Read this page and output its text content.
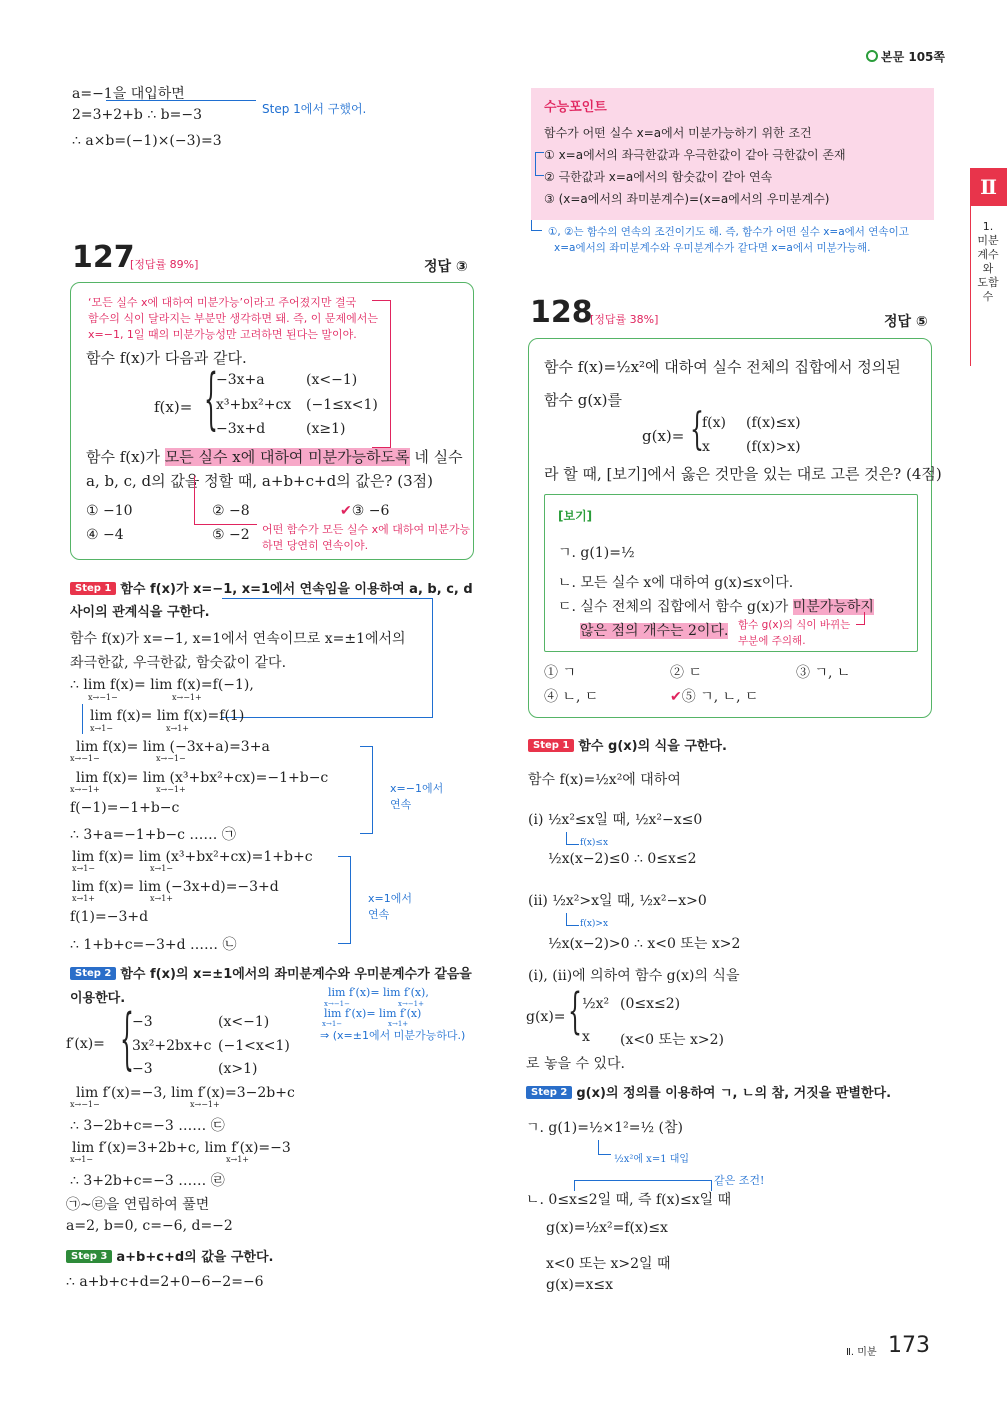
본문 105쪽
Ⅱ
1. 미분계수와 도함수
a=−1을 대입하면
2=3+2+b ∴ b=−3	Step 1에서 구했어.
∴ a×b=(−1)×(−3)=3
127
[정답률 89%]	정답 ③
‘모든 실수 x에 대하여 미분가능’이라고 주어졌지만 결국
함수의 식이 달라지는 부분만 생각하면 돼. 즉, 이 문제에서는
x=−1, 1일 때의 미분가능성만 고려하면 된다는 말이야.
함수 f(x)가 다음과 같다.
f(x)= {
−3x+a	(x<−1)
x³+bx²+cx (−1≤x<1)
−3x+d	(x≥1)
함수 f(x)가 모든 실수 x에 대하여 미분가능하도록 네 실수
a, b, c, d의 값을 정할 때, a+b+c+d의 값은? (3점)
① −10	② −8	✔③ −6
④ −4	⑤ −2 어떤 함수가 모든 실수 x에 대하여 미분가능
하면 당연히 연속이야.
Step 1 함수 f(x)가 x=−1, x=1에서 연속임을 이용하여 a, b, c, d
사이의 관계식을 구한다.
함수 f(x)가 x=−1, x=1에서 연속이므로 x=±1에서의
좌극한값, 우극한값, 함숫값이 같다.
∴ lim f(x)= lim f(x)=f(−1),
x→−1−	x→−1+
lim f(x)= lim f(x)=f(1)
x→1−	x→1+
lim f(x)= lim (−3x+a)=3+a
x→−1−	x→−1−
lim f(x)= lim (x³+bx²+cx)=−1+b−c
x→−1+	x→−1+
f(−1)=−1+b−c
∴ 3+a=−1+b−c …… ㉠
x=−1에서
연속
lim f(x)= lim (x³+bx²+cx)=1+b+c
x→1−	x→1−
lim f(x)= lim (−3x+d)=−3+d
x→1+	x→1+
f(1)=−3+d
∴ 1+b+c=−3+d …… ㉡
x=1에서
연속
Step 2 함수 f(x)의 x=±1에서의 좌미분계수와 우미분계수가 같음을
이용한다.	lim f′(x)= lim f′(x),
x→−1−	x→−1+
lim f′(x)= lim f′(x)
x→1−	x→1+
⇒ (x=±1에서 미분가능하다.)
f′(x)= {
−3	(x<−1)
3x²+2bx+c (−1<x<1)
−3	(x>1)
lim f′(x)=−3, lim f′(x)=3−2b+c
x→−1−	x→−1+
∴ 3−2b+c=−3 …… ㉢
lim f′(x)=3+2b+c, lim f′(x)=−3
x→1−	x→1+
∴ 3+2b+c=−3 …… ㉣
㉠~㉣을 연립하여 풀면
a=2, b=0, c=−6, d=−2
Step 3 a+b+c+d의 값을 구한다.
∴ a+b+c+d=2+0−6−2=−6
수능포인트
함수가 어떤 실수 x=a에서 미분가능하기 위한 조건
① x=a에서의 좌극한값과 우극한값이 같아 극한값이 존재
② 극한값과 x=a에서의 함숫값이 같아 연속
③ (x=a에서의 좌미분계수)=(x=a에서의 우미분계수)
①, ②는 함수의 연속의 조건이기도 해. 즉, 함수가 어떤 실수 x=a에서 연속이고
x=a에서의 좌미분계수와 우미분계수가 같다면 x=a에서 미분가능해.
128
[정답률 38%]	정답 ⑤
함수 f(x)=½x²에 대하여 실수 전체의 집합에서 정의된
함수 g(x)를
g(x)= {
f(x) (f(x)≤x)
x	(f(x)>x)
라 할 때, [보기]에서 옳은 것만을 있는 대로 고른 것은? (4점)
[보기]
ㄱ. g(1)=½
ㄴ. 모든 실수 x에 대하여 g(x)≤x이다.
ㄷ. 실수 전체의 집합에서 함수 g(x)가 미분가능하지
않은 점의 개수는 2이다. 함수 g(x)의 식이 바뀌는
부분에 주의해.
① ㄱ	② ㄷ	③ ㄱ, ㄴ
④ ㄴ, ㄷ	✔⑤ ㄱ, ㄴ, ㄷ
Step 1 함수 g(x)의 식을 구한다.
함수 f(x)=½x²에 대하여
(i) ½x²≤x일 때, ½x²−x≤0
f(x)≤x
½x(x−2)≤0 ∴ 0≤x≤2
(ii) ½x²>x일 때, ½x²−x>0
f(x)>x
½x(x−2)>0 ∴ x<0 또는 x>2
(i), (ii)에 의하여 함수 g(x)의 식을
g(x)= { ½x² (0≤x≤2)
x (x<0 또는 x>2)
로 놓을 수 있다.
Step 2 g(x)의 정의를 이용하여 ㄱ, ㄴ의 참, 거짓을 판별한다.
ㄱ. g(1)=½×1²=½ (참)
½x²에 x=1 대입
같은 조건!
ㄴ. 0≤x≤2일 때, 즉 f(x)≤x일 때
g(x)=½x²=f(x)≤x
x<0 또는 x>2일 때
g(x)=x≤x
Ⅱ. 미분 173
